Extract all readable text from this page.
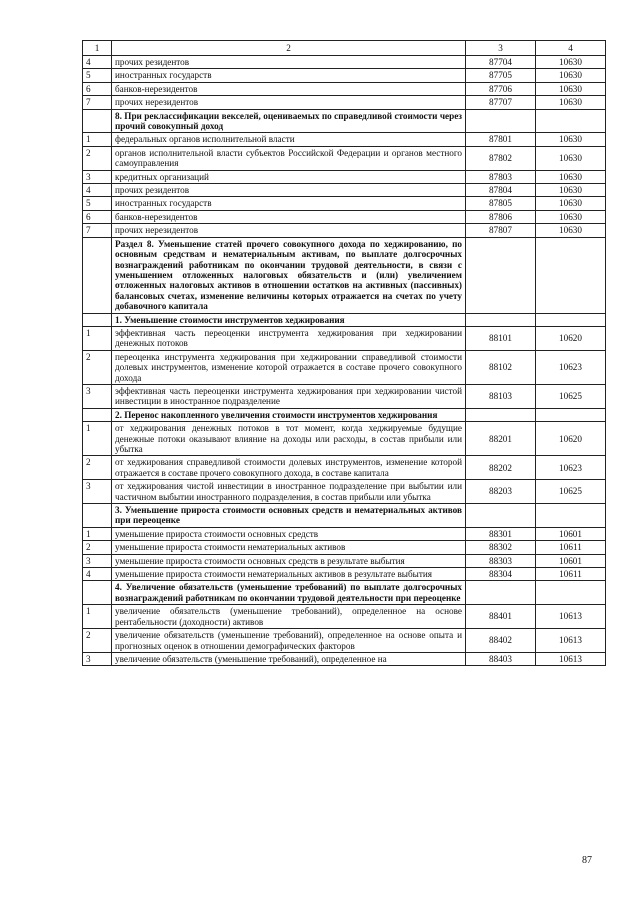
1	2	3	4
4	прочих резидентов	87704	10630
5	иностранных государств	87705	10630
6	банков-нерезидентов	87706	10630
7	прочих нерезидентов	87707	10630
	8. При реклассификации векселей, оцениваемых по справедливой стоимости через прочий совокупный доход		
1	федеральных органов исполнительной власти	87801	10630
2	органов исполнительной власти субъектов Российской Федерации и органов местного самоуправления	87802	10630
3	кредитных организаций	87803	10630
4	прочих резидентов	87804	10630
5	иностранных государств	87805	10630
6	банков-нерезидентов	87806	10630
7	прочих нерезидентов	87807	10630
	Раздел 8. Уменьшение статей прочего совокупного дохода по хеджированию, по основным средствам и нематериальным активам, по выплате долгосрочных вознаграждений работникам по окончании трудовой деятельности, в связи с уменьшением отложенных налоговых обязательств и (или) увеличением отложенных налоговых активов в отношении остатков на активных (пассивных) балансовых счетах, изменение величины которых отражается на счетах по учету добавочного капитала		
	1. Уменьшение стоимости инструментов хеджирования		
1	эффективная часть переоценки инструмента хеджирования при хеджировании денежных потоков	88101	10620
2	переоценка инструмента хеджирования при хеджировании справедливой стоимости долевых инструментов, изменение которой отражается в составе прочего совокупного дохода	88102	10623
3	эффективная часть переоценки инструмента хеджирования при хеджировании чистой инвестиции в иностранное подразделение	88103	10625
	2. Перенос накопленного увеличения стоимости инструментов хеджирования		
1	от хеджирования денежных потоков в тот момент, когда хеджируемые будущие денежные потоки оказывают влияние на доходы или расходы, в состав прибыли или убытка	88201	10620
2	от хеджирования справедливой стоимости долевых инструментов, изменение которой отражается в составе прочего совокупного дохода, в составе капитала	88202	10623
3	от хеджирования чистой инвестиции в иностранное подразделение при выбытии или частичном выбытии иностранного подразделения, в состав прибыли или убытка	88203	10625
	3. Уменьшение прироста стоимости основных средств и нематериальных активов при переоценке		
1	уменьшение прироста стоимости основных средств	88301	10601
2	уменьшение прироста стоимости нематериальных активов	88302	10611
3	уменьшение прироста стоимости основных средств в результате выбытия	88303	10601
4	уменьшение прироста стоимости нематериальных активов в результате выбытия	88304	10611
	4. Увеличение обязательств (уменьшение требований) по выплате долгосрочных вознаграждений работникам по окончании трудовой деятельности при переоценке		
1	увеличение обязательств (уменьшение требований), определенное на основе рентабельности (доходности) активов	88401	10613
2	увеличение обязательств (уменьшение требований), определенное на основе опыта и прогнозных оценок в отношении демографических факторов	88402	10613
3	увеличение обязательств (уменьшение требований), определенное на	88403	10613
87
